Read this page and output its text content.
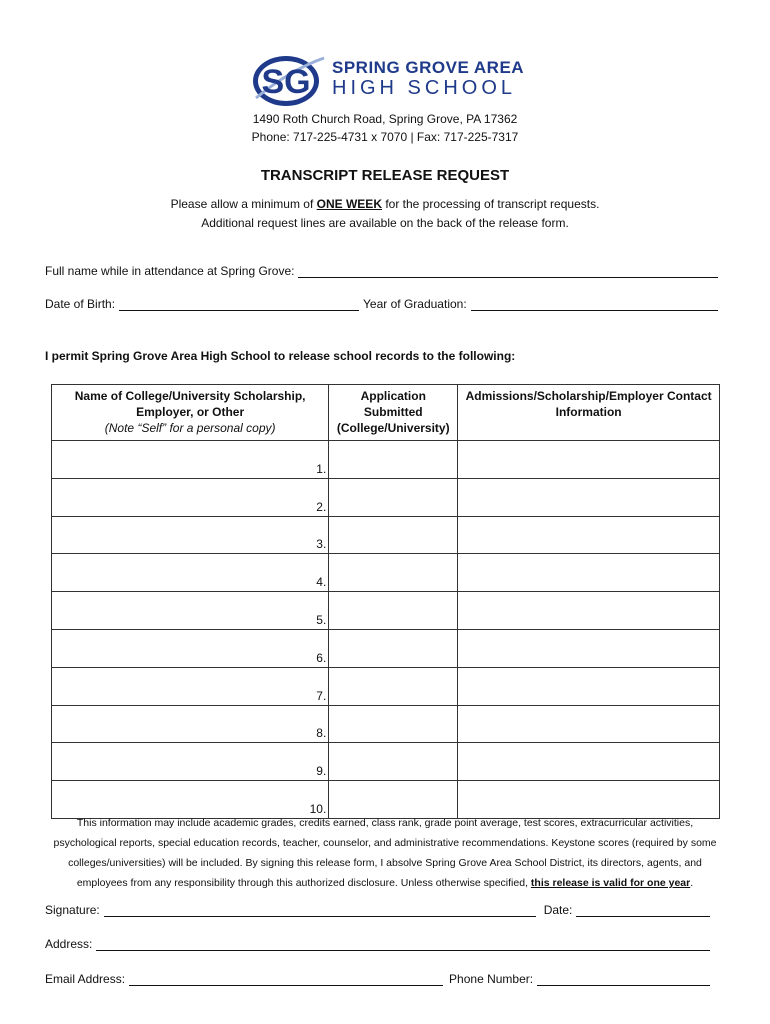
SG SPRING GROVE AREA
HIGH SCHOOL
1490 Roth Church Road, Spring Grove, PA 17362
Phone: 717-225-4731 x 7070 | Fax: 717-225-7317
TRANSCRIPT RELEASE REQUEST
Please allow a minimum of ONE WEEK for the processing of transcript requests.
Additional request lines are available on the back of the release form.
Full name while in attendance at Spring Grove:
Date of Birth:	Year of Graduation:
I permit Spring Grove Area High School to release school records to the following:
Name of College/University Scholarship,
Employer, or Other
(Note “Self” for a personal copy)	Application
Submitted
(College/University)	Admissions/Scholarship/Employer Contact
Information
1.		
2.		
3.		
4.		
5.		
6.		
7.		
8.		
9.		
10.		
This information may include academic grades, credits earned, class rank, grade point average, test scores, extracurricular activities, psychological reports, special education records, teacher, counselor, and administrative recommendations. Keystone scores (required by some colleges/universities) will be included. By signing this release form, I absolve Spring Grove Area School District, its directors, agents, and employees from any responsibility through this authorized disclosure. Unless otherwise specified, this release is valid for one year.
Signature:	Date:
Address:
Email Address:	Phone Number:
